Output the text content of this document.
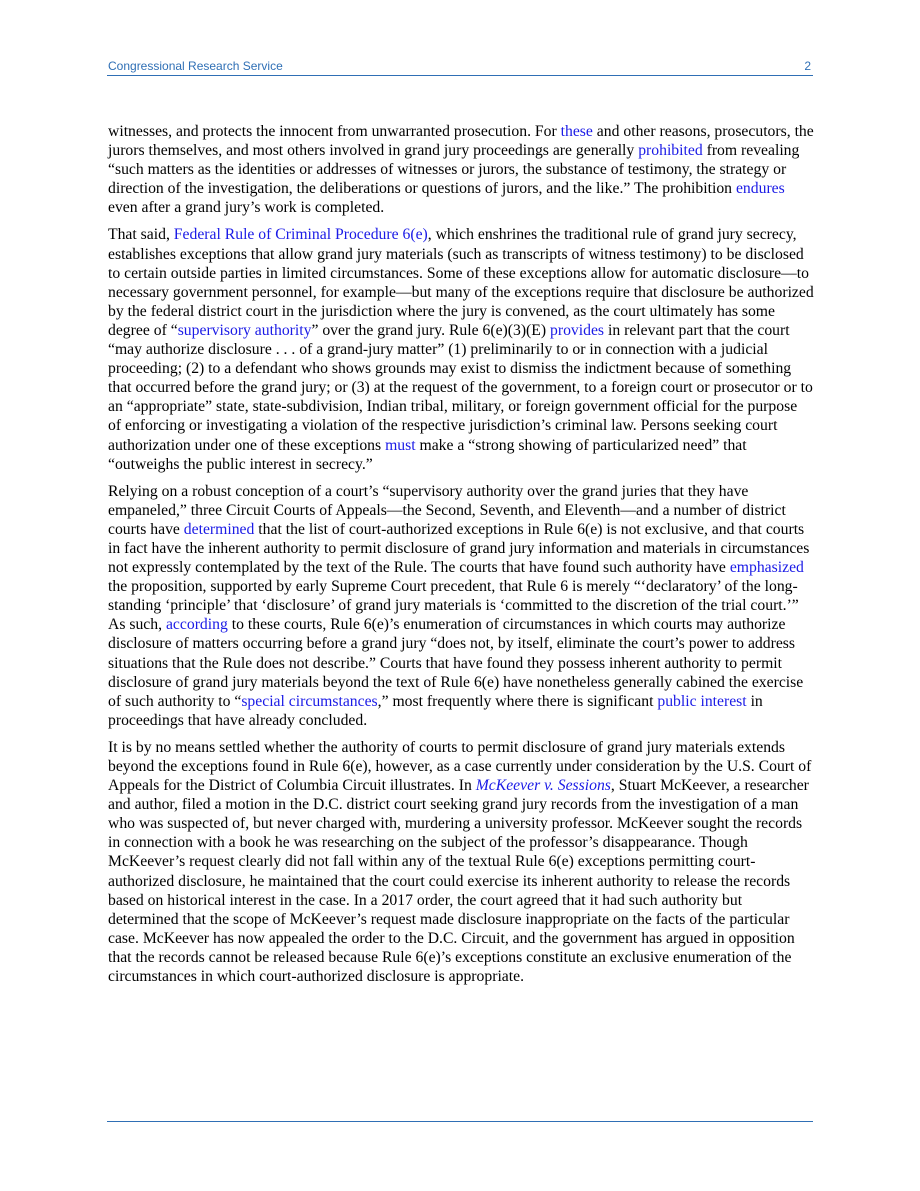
Congressional Research Service	2

witnesses, and protects the innocent from unwarranted prosecution. For these and other reasons, prosecutors, the jurors themselves, and most others involved in grand jury proceedings are generally prohibited from revealing “such matters as the identities or addresses of witnesses or jurors, the substance of testimony, the strategy or direction of the investigation, the deliberations or questions of jurors, and the like.” The prohibition endures even after a grand jury’s work is completed.

That said, Federal Rule of Criminal Procedure 6(e), which enshrines the traditional rule of grand jury secrecy, establishes exceptions that allow grand jury materials (such as transcripts of witness testimony) to be disclosed to certain outside parties in limited circumstances. Some of these exceptions allow for automatic disclosure—to necessary government personnel, for example—but many of the exceptions require that disclosure be authorized by the federal district court in the jurisdiction where the jury is convened, as the court ultimately has some degree of “supervisory authority” over the grand jury. Rule 6(e)(3)(E) provides in relevant part that the court “may authorize disclosure . . . of a grand-jury matter” (1) preliminarily to or in connection with a judicial proceeding; (2) to a defendant who shows grounds may exist to dismiss the indictment because of something that occurred before the grand jury; or (3) at the request of the government, to a foreign court or prosecutor or to an “appropriate” state, state-subdivision, Indian tribal, military, or foreign government official for the purpose of enforcing or investigating a violation of the respective jurisdiction’s criminal law. Persons seeking court authorization under one of these exceptions must make a “strong showing of particularized need” that “outweighs the public interest in secrecy.”

Relying on a robust conception of a court’s “supervisory authority over the grand juries that they have empaneled,” three Circuit Courts of Appeals—the Second, Seventh, and Eleventh—and a number of district courts have determined that the list of court-authorized exceptions in Rule 6(e) is not exclusive, and that courts in fact have the inherent authority to permit disclosure of grand jury information and materials in circumstances not expressly contemplated by the text of the Rule. The courts that have found such authority have emphasized the proposition, supported by early Supreme Court precedent, that Rule 6 is merely “‘declaratory’ of the long-standing ‘principle’ that ‘disclosure’ of grand jury materials is ‘committed to the discretion of the trial court.’” As such, according to these courts, Rule 6(e)’s enumeration of circumstances in which courts may authorize disclosure of matters occurring before a grand jury “does not, by itself, eliminate the court’s power to address situations that the Rule does not describe.” Courts that have found they possess inherent authority to permit disclosure of grand jury materials beyond the text of Rule 6(e) have nonetheless generally cabined the exercise of such authority to “special circumstances,” most frequently where there is significant public interest in proceedings that have already concluded.

It is by no means settled whether the authority of courts to permit disclosure of grand jury materials extends beyond the exceptions found in Rule 6(e), however, as a case currently under consideration by the U.S. Court of Appeals for the District of Columbia Circuit illustrates. In McKeever v. Sessions, Stuart McKeever, a researcher and author, filed a motion in the D.C. district court seeking grand jury records from the investigation of a man who was suspected of, but never charged with, murdering a university professor. McKeever sought the records in connection with a book he was researching on the subject of the professor’s disappearance. Though McKeever’s request clearly did not fall within any of the textual Rule 6(e) exceptions permitting court-authorized disclosure, he maintained that the court could exercise its inherent authority to release the records based on historical interest in the case. In a 2017 order, the court agreed that it had such authority but determined that the scope of McKeever’s request made disclosure inappropriate on the facts of the particular case. McKeever has now appealed the order to the D.C. Circuit, and the government has argued in opposition that the records cannot be released because Rule 6(e)’s exceptions constitute an exclusive enumeration of the circumstances in which court-authorized disclosure is appropriate.
